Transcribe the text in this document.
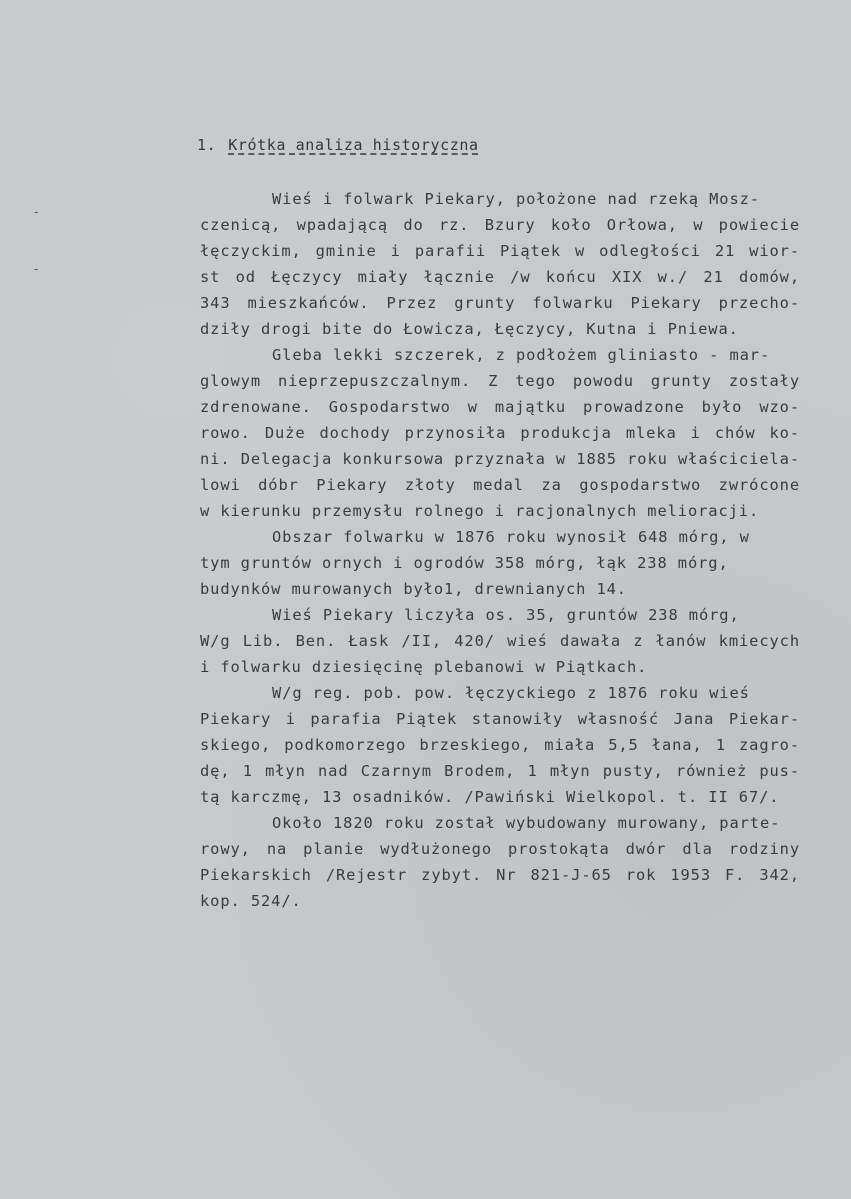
1. Krótka analiza historyczna
-
-
Wieś i folwark Piekary, położone nad rzeką Mosz-
czenicą, wpadającą do rz. Bzury koło Orłowa, w powiecie
łęczyckim, gminie i parafii Piątek w odległości 21 wior-
st od Łęczycy miały łącznie /w końcu XIX w./ 21 domów,
343 mieszkańców. Przez grunty folwarku Piekary przecho-
dziły drogi bite do Łowicza, Łęczycy, Kutna i Pniewa.
Gleba lekki szczerek, z podłożem gliniasto - mar-
glowym nieprzepuszczalnym. Z tego powodu grunty zostały
zdrenowane. Gospodarstwo w majątku prowadzone było wzo-
rowo. Duże dochody przynosiła produkcja mleka i chów ko-
ni. Delegacja konkursowa przyznała w 1885 roku właściciela-
lowi dóbr Piekary złoty medal za gospodarstwo zwrócone
w kierunku przemysłu rolnego i racjonalnych melioracji.
Obszar folwarku w 1876 roku wynosił 648 mórg, w
tym gruntów ornych i ogrodów 358 mórg, łąk 238 mórg,
budynków murowanych było1, drewnianych 14.
Wieś Piekary liczyła os. 35, gruntów 238 mórg,
W/g Lib. Ben. Łask /II, 420/ wieś dawała z łanów kmiecych
i folwarku dziesięcinę plebanowi w Piątkach.
W/g reg. pob. pow. łęczyckiego z 1876 roku wieś
Piekary i parafia Piątek stanowiły własność Jana Piekar-
skiego, podkomorzego brzeskiego, miała 5,5 łana, 1 zagro-
dę, 1 młyn nad Czarnym Brodem, 1 młyn pusty, również pus-
tą karczmę, 13 osadników. /Pawiński Wielkopol. t. II 67/.
Około 1820 roku został wybudowany murowany, parte-
rowy, na planie wydłużonego prostokąta dwór dla rodziny
Piekarskich /Rejestr zybyt. Nr 821-J-65 rok 1953 F. 342,
kop. 524/.
